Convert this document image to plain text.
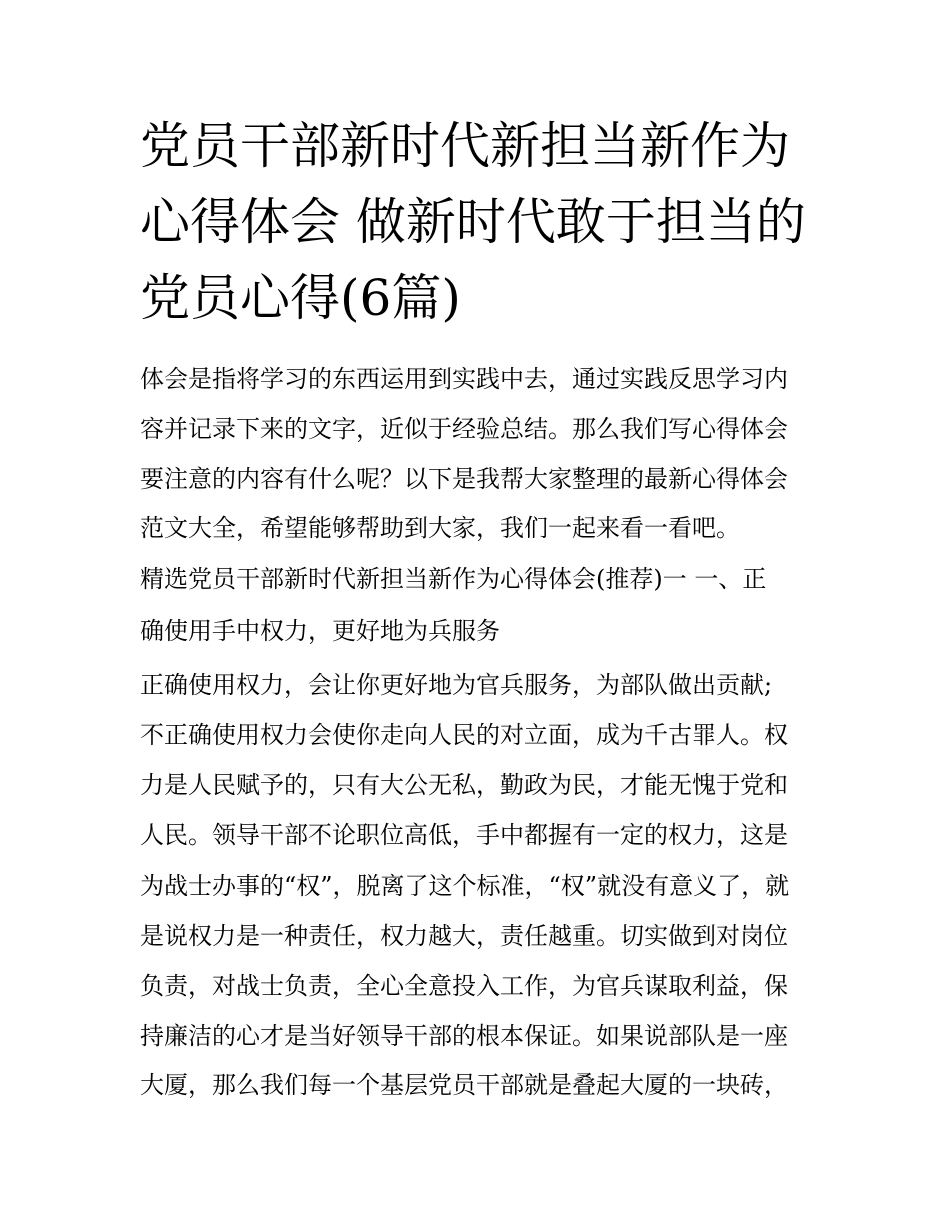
党员干部新时代新担当新作为心得体会 做新时代敢于担当的党员心得(6篇)

体会是指将学习的东西运用到实践中去，通过实践反思学习内

容并记录下来的文字，近似于经验总结。那么我们写心得体会

要注意的内容有什么呢？以下是我帮大家整理的最新心得体会

范文大全，希望能够帮助到大家，我们一起来看一看吧。

精选党员干部新时代新担当新作为心得体会(推荐)一 一、正

确使用手中权力，更好地为兵服务

正确使用权力，会让你更好地为官兵服务，为部队做出贡献;

不正确使用权力会使你走向人民的对立面，成为千古罪人。权

力是人民赋予的，只有大公无私，勤政为民，才能无愧于党和

人民。领导干部不论职位高低，手中都握有一定的权力，这是

为战士办事的“权”，脱离了这个标准，“权”就没有意义了，就

是说权力是一种责任，权力越大，责任越重。切实做到对岗位

负责，对战士负责，全心全意投入工作，为官兵谋取利益，保

持廉洁的心才是当好领导干部的根本保证。如果说部队是一座

大厦，那么我们每一个基层党员干部就是叠起大厦的一块砖，
